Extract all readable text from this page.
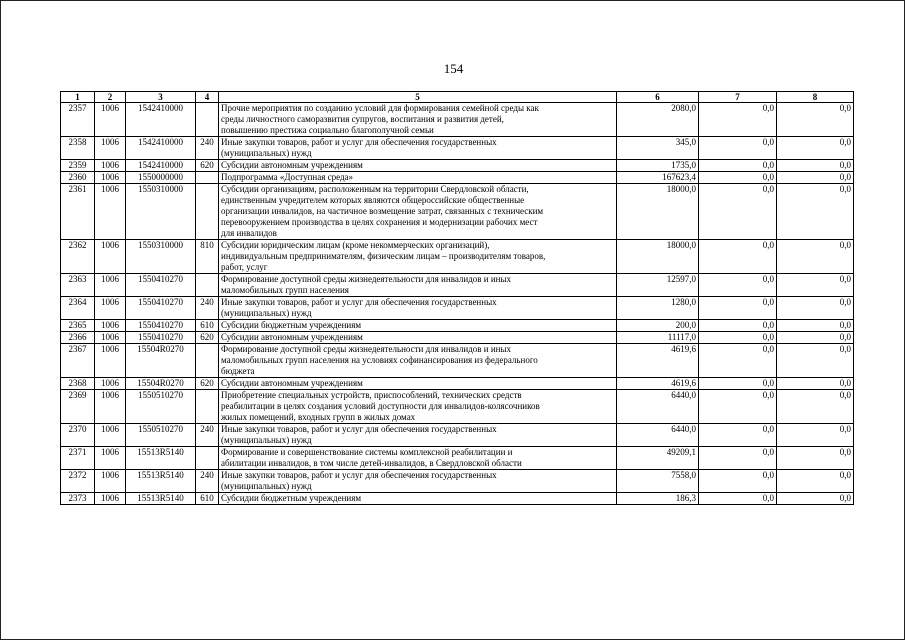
154
1	2	3	4	5	6	7	8
2357	1006	1542410000		Прочие мероприятия по созданию условий для формирования семейной среды как
среды личностного саморазвития супругов, воспитания и развития детей,
повышению престижа социально благополучной семьи	2080,0	0,0	0,0
2358	1006	1542410000	240	Иные закупки товаров, работ и услуг для обеспечения государственных
(муниципальных) нужд	345,0	0,0	0,0
2359	1006	1542410000	620	Субсидии автономным учреждениям	1735,0	0,0	0,0
2360	1006	1550000000		Подпрограмма «Доступная среда»	167623,4	0,0	0,0
2361	1006	1550310000		Субсидии организациям, расположенным на территории Свердловской области,
единственным учредителем которых являются общероссийские общественные
организации инвалидов, на частичное возмещение затрат, связанных с техническим
перевооружением производства в целях сохранения и модернизации рабочих мест
для инвалидов	18000,0	0,0	0,0
2362	1006	1550310000	810	Субсидии юридическим лицам (кроме некоммерческих организаций),
индивидуальным предпринимателям, физическим лицам – производителям товаров,
работ, услуг	18000,0	0,0	0,0
2363	1006	1550410270		Формирование доступной среды жизнедеятельности для инвалидов и иных
маломобильных групп населения	12597,0	0,0	0,0
2364	1006	1550410270	240	Иные закупки товаров, работ и услуг для обеспечения государственных
(муниципальных) нужд	1280,0	0,0	0,0
2365	1006	1550410270	610	Субсидии бюджетным учреждениям	200,0	0,0	0,0
2366	1006	1550410270	620	Субсидии автономным учреждениям	11117,0	0,0	0,0
2367	1006	15504R0270		Формирование доступной среды жизнедеятельности для инвалидов и иных
маломобильных групп населения на условиях софинансирования из федерального
бюджета	4619,6	0,0	0,0
2368	1006	15504R0270	620	Субсидии автономным учреждениям	4619,6	0,0	0,0
2369	1006	1550510270		Приобретение специальных устройств, приспособлений, технических средств
реабилитации в целях создания условий доступности для инвалидов-колясочников
жилых помещений, входных групп в жилых домах	6440,0	0,0	0,0
2370	1006	1550510270	240	Иные закупки товаров, работ и услуг для обеспечения государственных
(муниципальных) нужд	6440,0	0,0	0,0
2371	1006	15513R5140		Формирование и совершенствование системы комплексной реабилитации и
абилитации инвалидов, в том числе детей-инвалидов, в Свердловской области	49209,1	0,0	0,0
2372	1006	15513R5140	240	Иные закупки товаров, работ и услуг для обеспечения государственных
(муниципальных) нужд	7558,0	0,0	0,0
2373	1006	15513R5140	610	Субсидии бюджетным учреждениям	186,3	0,0	0,0
